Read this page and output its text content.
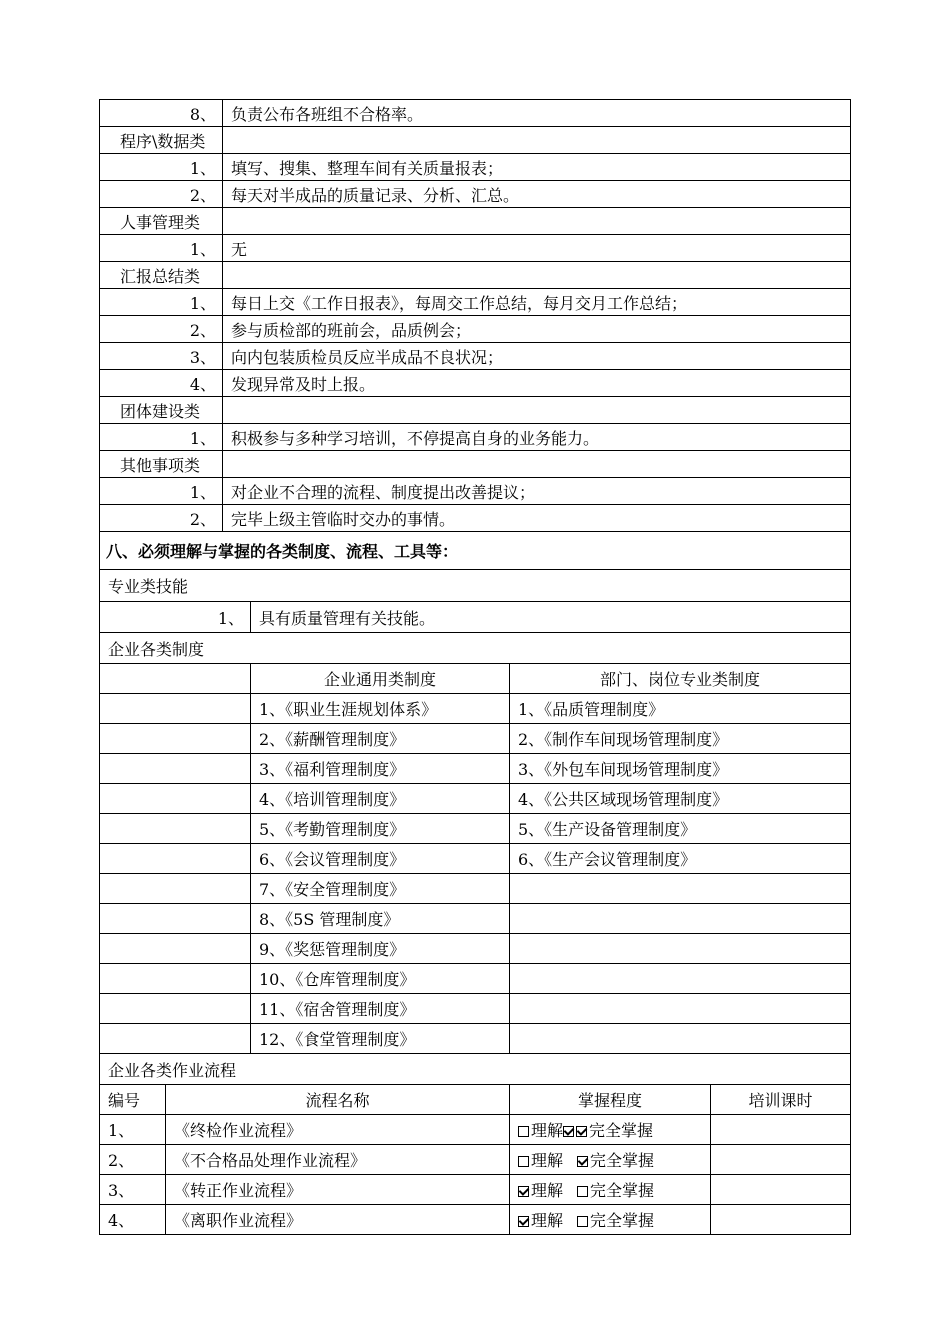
8、	负责公布各班组不合格率。
程序\数据类	
1、	填写、搜集、整理车间有关质量报表；
2、	每天对半成品的质量记录、分析、汇总。
人事管理类	
1、	无
汇报总结类	
1、	每日上交《工作日报表》，每周交工作总结，每月交月工作总结；
2、	参与质检部的班前会，品质例会；
3、	向内包装质检员反应半成品不良状况；
4、	发现异常及时上报。
团体建设类	
1、	积极参与多种学习培训，不停提高自身的业务能力。
其他事项类	
1、	对企业不合理的流程、制度提出改善提议；
2、	完毕上级主管临时交办的事情。
八、必须理解与掌握的各类制度、流程、工具等：				
专业类技能				
1、		具有质量管理有关技能。		
企业各类制度				
		企业通用类制度	部门、岗位专业类制度	
		1、《职业生涯规划体系》	1、《品质管理制度》	
		2、《薪酬管理制度》	2、《制作车间现场管理制度》	
		3、《福利管理制度》	3、《外包车间现场管理制度》	
		4、《培训管理制度》	4、《公共区域现场管理制度》	
		5、《考勤管理制度》	5、《生产设备管理制度》	
		6、《会议管理制度》	6、《生产会议管理制度》	
		7、《安全管理制度》		
		8、《5S 管理制度》		
		9、《奖惩管理制度》		
		10、《仓库管理制度》		
		11、《宿舍管理制度》		
		12、《食堂管理制度》		
企业各类作业流程				
编号	流程名称		掌握程度	培训课时
1、	《终检作业流程》		理解 完全掌握	
2、	《不合格品处理作业流程》		理解 完全掌握	
3、	《转正作业流程》		理解 完全掌握	
4、	《离职作业流程》		理解 完全掌握	
